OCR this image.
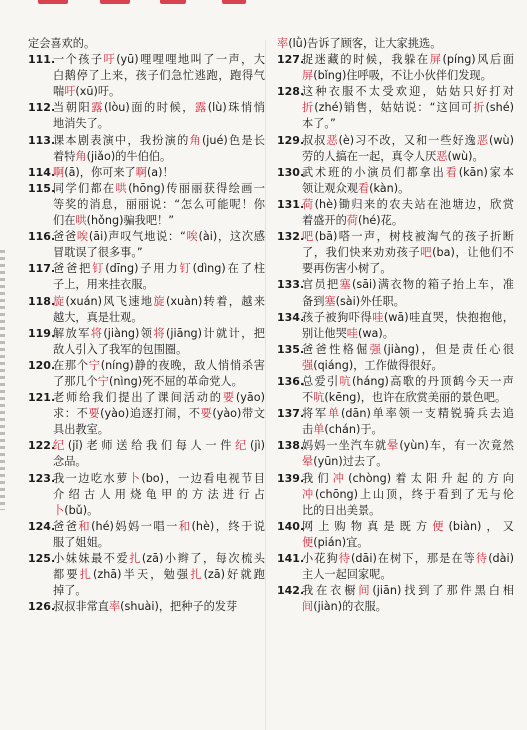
定会喜欢的。
111.
一个孩子吁(yū)哩哩哩地叫了一声，大
白鹅停了上来，孩子们急忙逃跑，跑得气
喘吁(xū)吁。
112.
当朝阳露(lòu)面的时候，露(lù)珠悄悄
地消失了。
113.
课本剧表演中，我扮演的角(jué)色是长
着特角(jiǎo)的牛伯伯。
114.
啊(ā)，你可来了啊(a)！
115.
同学们都在哄(hōng)传丽丽获得绘画一
等奖的消息，丽丽说：“怎么可能呢！你
们在哄(hǒng)骗我吧！”
116.
爸爸唉(āi)声叹气地说：“唉(ài)，这次感
冒耽误了很多事。”
117.
爸爸把钉(dīng)子用力钉(dìng)在了柱
子上，用来挂衣服。
118.
旋(xuán)风飞速地旋(xuàn)转着，越来
越大，真是壮观。
119.
解放军将(jiàng)领将(jiāng)计就计，把
敌人引入了我军的包围圈。
120.
在那个宁(níng)静的夜晚，敌人悄悄杀害
了那几个宁(nìng)死不屈的革命党人。
121.
老师给我们提出了课间活动的要(yāo)
求：不要(yào)追逐打闹，不要(yào)带文
具出教室。
122.
纪(jǐ)老师送给我们每人一件纪(jì)
念品。
123.
我一边吃水萝卜(bo)，一边看电视节目
介绍古人用烧龟甲的方法进行占
卜(bǔ)。
124.
爸爸和(hé)妈妈一唱一和(hè)，终于说
服了姐姐。
125.
小妹妹最不爱扎(zā)小辫了，每次梳头
都要扎(zhā)半天，勉强扎(zā)好就跑
掉了。
126.
叔叔非常直率(shuài)，把种子的发芽
率(lǜ)告诉了顾客，让大家挑选。
127.
捉迷藏的时候，我躲在屏(píng)风后面
屏(bǐng)住呼吸，不让小伙伴们发现。
128.
这种衣服不太受欢迎，姑姑只好打对
折(zhé)销售，姑姑说：“这回可折(shé)
本了。”
129.
叔叔恶(è)习不改，又和一些好逸恶(wù)
劳的人搞在一起，真令人厌恶(wù)。
130.
武术班的小演员们都拿出看(kān)家本
领让观众观看(kàn)。
131.
荷(hè)锄归来的农夫站在池塘边，欣赏
着盛开的荷(hé)花。
132.
吧(bā)嗒一声，树枝被淘气的孩子折断
了，我们快来劝劝孩子吧(ba)，让他们不
要再伤害小树了。
133.
官员把塞(sāi)满衣物的箱子抬上车，准
备到塞(sài)外任职。
134.
孩子被狗吓得哇(wā)哇直哭，快抱抱他，
别让他哭哇(wa)。
135.
爸爸性格倔强(jiàng)，但是责任心很
强(qiáng)，工作做得很好。
136.
总爱引吭(háng)高歌的丹顶鹤今天一声
不吭(kēng)，也许在欣赏美丽的景色吧。
137.
将军单(dān)单率领一支精锐骑兵去追
击单(chán)于。
138.
妈妈一坐汽车就晕(yùn)车，有一次竟然
晕(yūn)过去了。
139.
我们冲(chòng)着太阳升起的方向
冲(chōng)上山顶，终于看到了无与伦
比的日出美景。
140.
网上购物真是既方便(biàn)，又
便(pián)宜。
141.
小花狗待(dāi)在树下，那是在等待(dài)
主人一起回家呢。
142.
我在衣橱间(jiān)找到了那件黑白相
间(jiàn)的衣服。
